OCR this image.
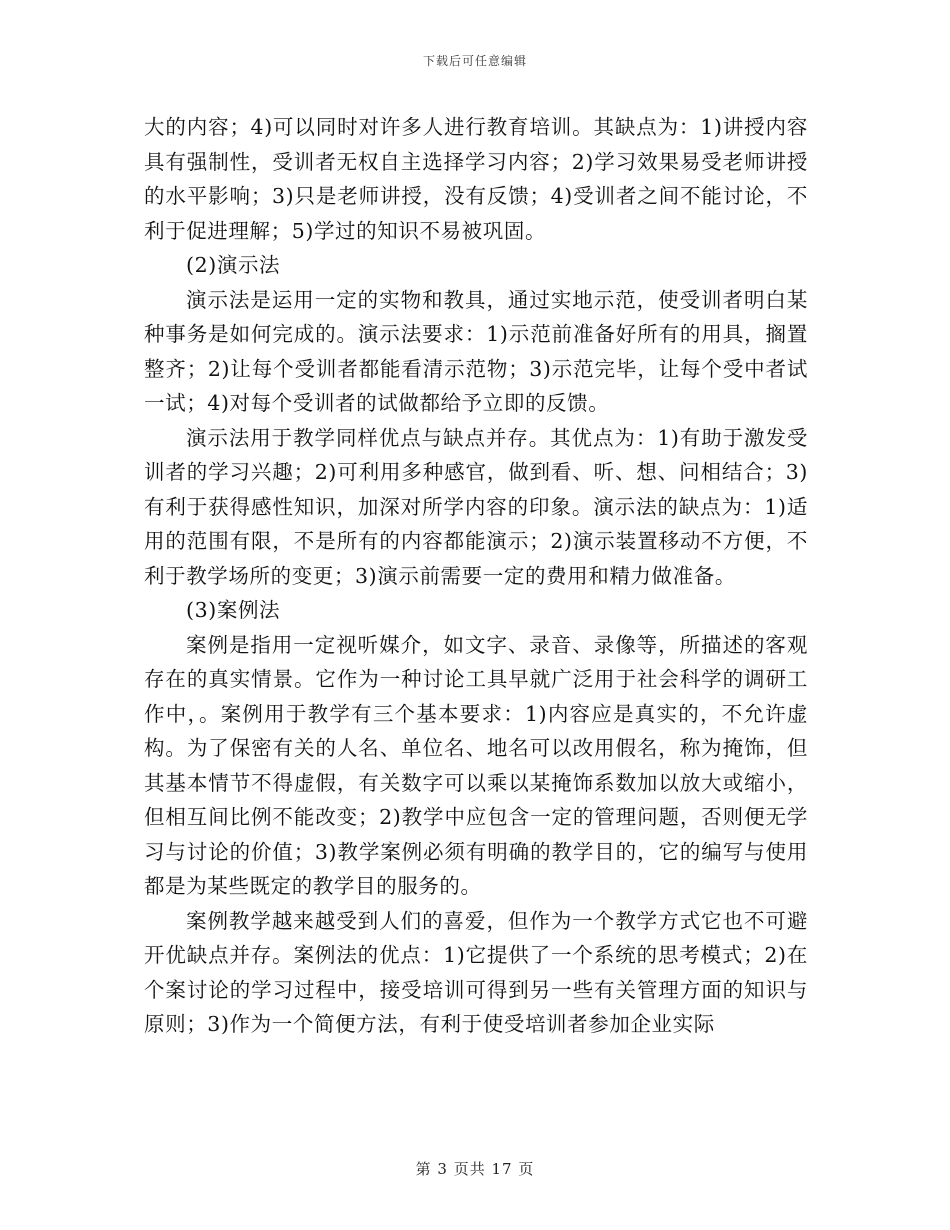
下载后可任意编辑

大的内容；4)可以同时对许多人进行教育培训。其缺点为：1)讲授内容具有强制性，受训者无权自主选择学习内容；2)学习效果易受老师讲授的水平影响；3)只是老师讲授，没有反馈；4)受训者之间不能讨论，不利于促进理解；5)学过的知识不易被巩固。

(2)演示法

演示法是运用一定的实物和教具，通过实地示范，使受训者明白某种事务是如何完成的。演示法要求：1)示范前准备好所有的用具，搁置整齐；2)让每个受训者都能看清示范物；3)示范完毕，让每个受中者试一试；4)对每个受训者的试做都给予立即的反馈。

演示法用于教学同样优点与缺点并存。其优点为：1)有助于激发受训者的学习兴趣；2)可利用多种感官，做到看、听、想、问相结合；3)有利于获得感性知识，加深对所学内容的印象。演示法的缺点为：1)适用的范围有限，不是所有的内容都能演示；2)演示装置移动不方便，不利于教学场所的变更；3)演示前需要一定的费用和精力做准备。

(3)案例法

案例是指用一定视听媒介，如文字、录音、录像等，所描述的客观存在的真实情景。它作为一种讨论工具早就广泛用于社会科学的调研工作中，。案例用于教学有三个基本要求：1)内容应是真实的，不允许虚构。为了保密有关的人名、单位名、地名可以改用假名，称为掩饰，但其基本情节不得虚假，有关数字可以乘以某掩饰系数加以放大或缩小，但相互间比例不能改变；2)教学中应包含一定的管理问题，否则便无学习与讨论的价值；3)教学案例必须有明确的教学目的，它的编写与使用都是为某些既定的教学目的服务的。

案例教学越来越受到人们的喜爱，但作为一个教学方式它也不可避开优缺点并存。案例法的优点：1)它提供了一个系统的思考模式；2)在个案讨论的学习过程中，接受培训可得到另一些有关管理方面的知识与原则；3)作为一个简便方法，有利于使受培训者参加企业实际

第 3 页共 17 页
